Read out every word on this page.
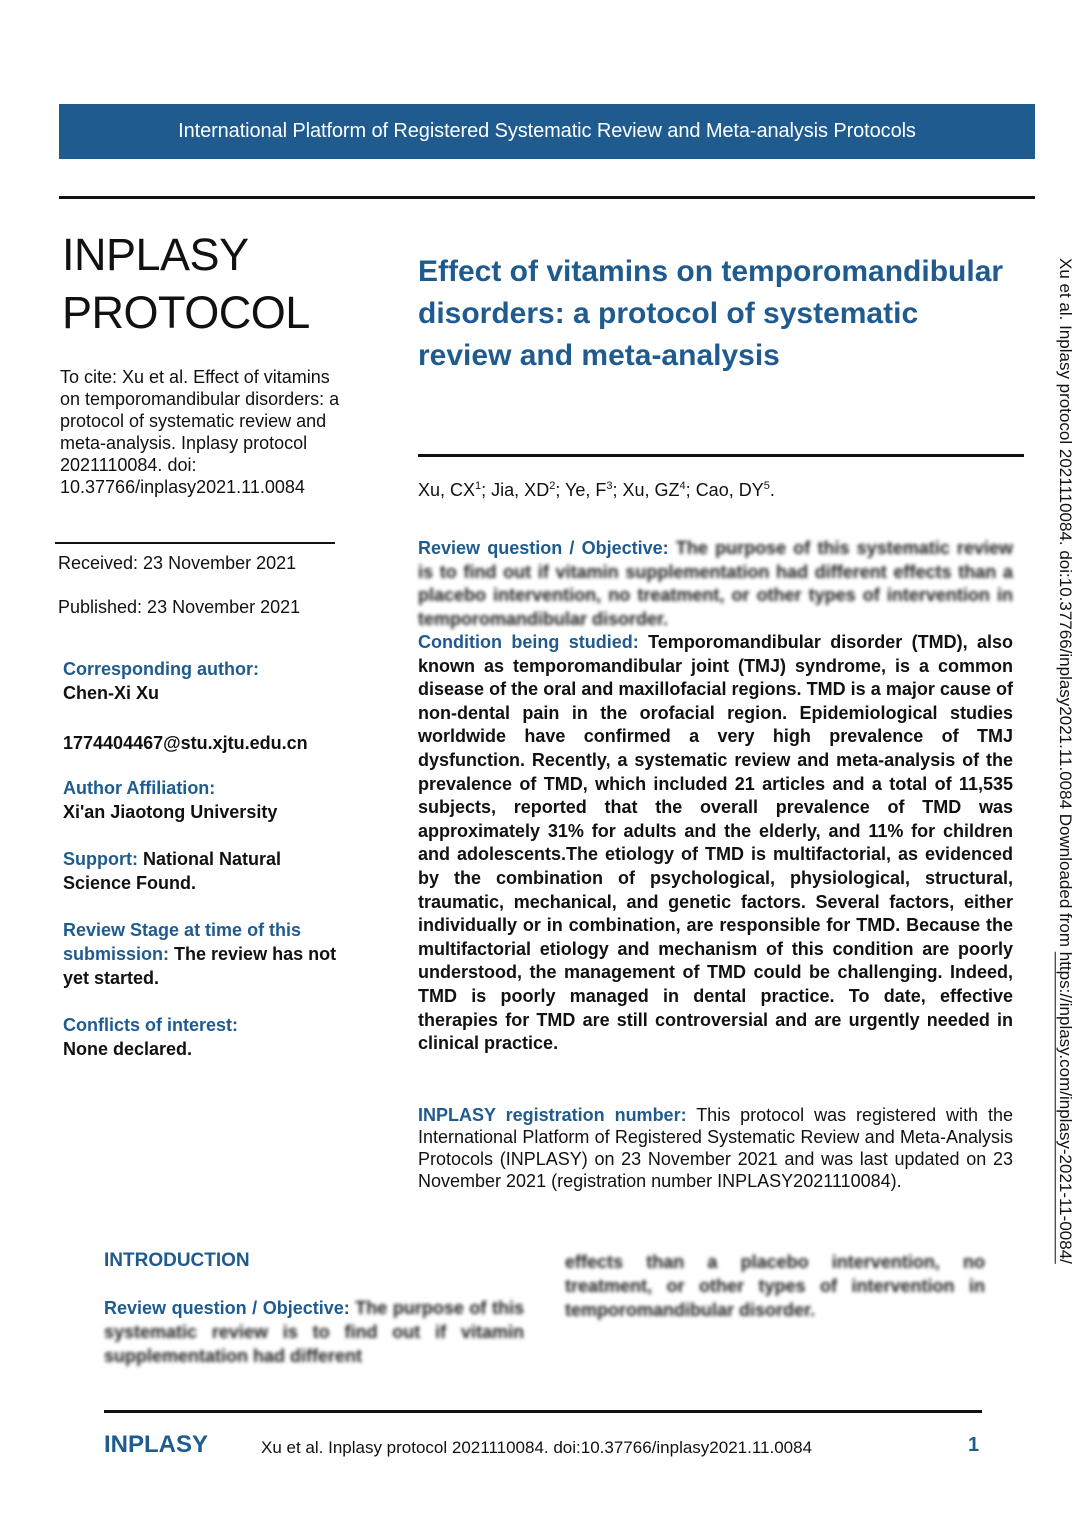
International Platform of Registered Systematic Review and Meta-analysis Protocols
INPLASY
PROTOCOL
To cite: Xu et al. Effect of vitamins on temporomandibular disorders: a protocol of systematic review and meta-analysis. Inplasy protocol 2021110084. doi: 10.37766/inplasy2021.11.0084
Received: 23 November 2021
Published: 23 November 2021
Corresponding author:
Chen-Xi Xu
1774404467@stu.xjtu.edu.cn
Author Affiliation:
Xi'an Jiaotong University
Support: National Natural Science Found.
Review Stage at time of this submission: The review has not yet started.
Conflicts of interest:
None declared.
Effect of vitamins on temporomandibular disorders: a protocol of systematic review and meta-analysis
Xu, $CX^1$; Jia, $XD^2$; Ye, $F^3$; Xu, $GZ^4$; Cao, $DY^5$.
Review question / Objective: The purpose of this systematic review is to find out if vitamin supplementation had different effects than a placebo intervention, no treatment, or other types of intervention in temporomandibular disorder.
Condition being studied: Temporomandibular disorder (TMD), also known as temporomandibular joint (TMJ) syndrome, is a common disease of the oral and maxillofacial regions. TMD is a major cause of non-dental pain in the orofacial region. Epidemiological studies worldwide have confirmed a very high prevalence of TMJ dysfunction. Recently, a systematic review and meta-analysis of the prevalence of TMD, which included 21 articles and a total of 11,535 subjects, reported that the overall prevalence of TMD was approximately 31% for adults and the elderly, and 11% for children and adolescents.The etiology of TMD is multifactorial, as evidenced by the combination of psychological, physiological, structural, traumatic, mechanical, and genetic factors. Several factors, either individually or in combination, are responsible for TMD. Because the multifactorial etiology and mechanism of this condition are poorly understood, the management of TMD could be challenging. Indeed, TMD is poorly managed in dental practice. To date, effective therapies for TMD are still controversial and are urgently needed in clinical practice.
INPLASY registration number: This protocol was registered with the International Platform of Registered Systematic Review and Meta-Analysis Protocols (INPLASY) on 23 November 2021 and was last updated on 23 November 2021 (registration number INPLASY2021110084).
INTRODUCTION
Review question / Objective: The purpose of this systematic review is to find out if vitamin supplementation had different
effects than a placebo intervention, no treatment, or other types of intervention in temporomandibular disorder.
INPLASY	Xu et al. Inplasy protocol 2021110084. doi:10.37766/inplasy2021.11.0084	1
Xu et al. Inplasy protocol 2021110084. doi:10.37766/inplasy2021.11.0084 Downloaded from https://inplasy.com/inplasy-2021-11-0084/
